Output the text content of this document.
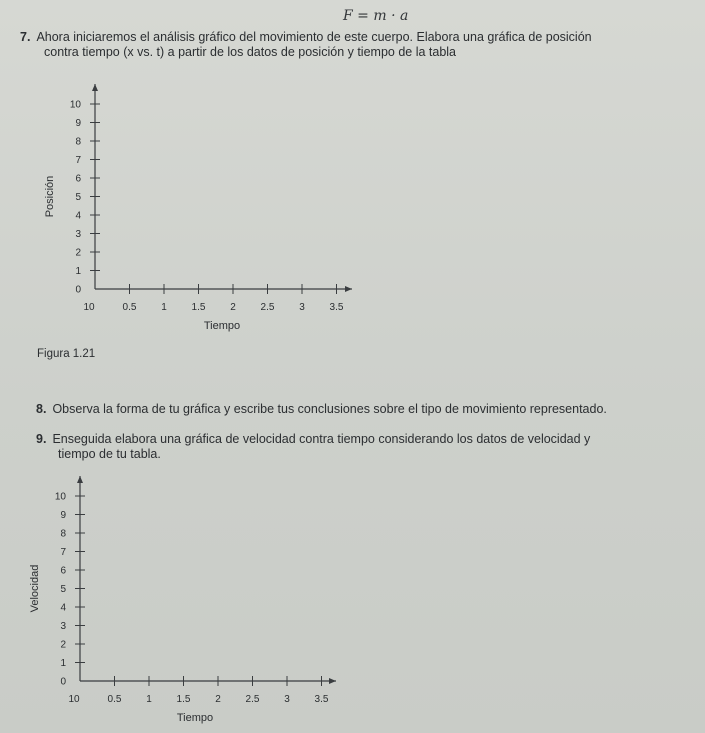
F = m · a
7. Ahora iniciaremos el análisis gráfico del movimiento de este cuerpo. Elabora una gráfica de posición
contra tiempo (x vs. t) a partir de los datos de posición y tiempo de la tabla
Figura 1.21
8. Observa la forma de tu gráfica y escribe tus conclusiones sobre el tipo de movimiento representado.
9. Enseguida elabora una gráfica de velocidad contra tiempo considerando los datos de velocidad y
tiempo de tu tabla.
0
1
2
3
4
5
6
7
8
9
10
10	0.5 1 1.5 2 2.5 3 3.5
Tiempo
Posición
0
1
2
3
4
5
6
7
8
9
10
10	0.5 1 1.5 2 2.5 3 3.5
Tiempo
Velocidad
